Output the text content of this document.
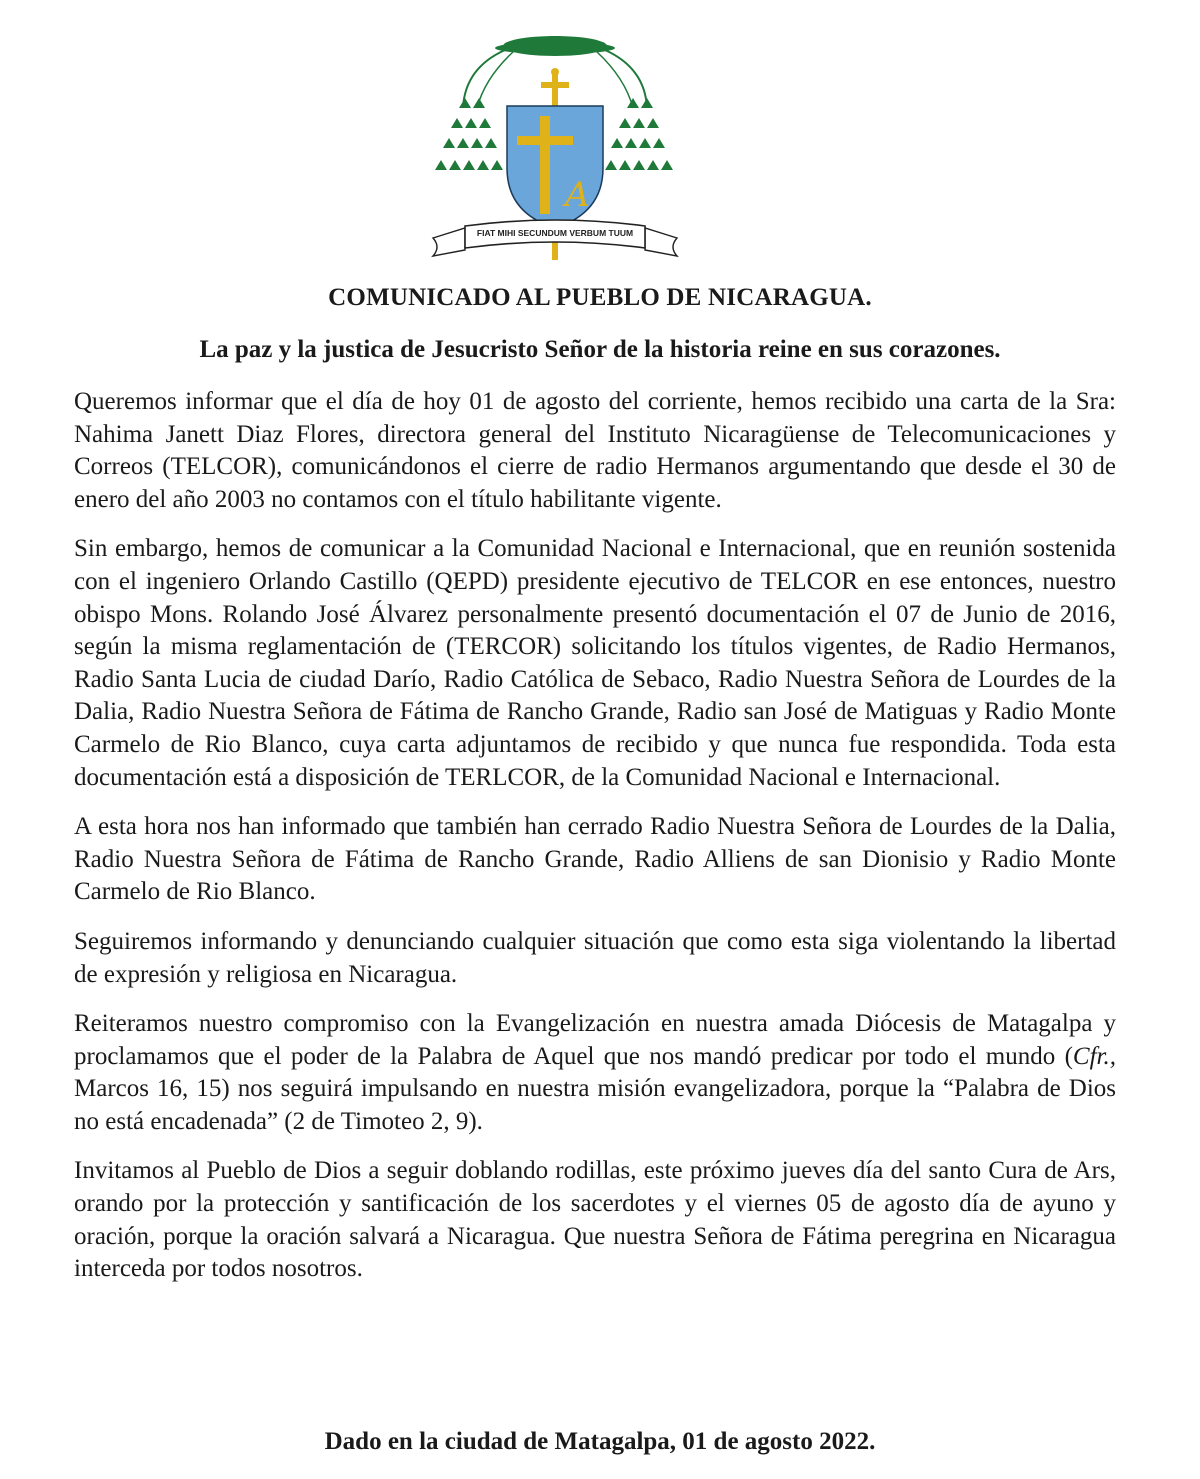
A
FIAT MIHI SECUNDUM VERBUM TUUM
COMUNICADO AL PUEBLO DE NICARAGUA.
La paz y la justica de Jesucristo Señor de la historia reine en sus corazones.

Queremos informar que el día de hoy 01 de agosto del corriente, hemos recibido una carta de la Sra: Nahima Janett Diaz Flores, directora general del Instituto Nicaragüense de Telecomunicaciones y Correos (TELCOR), comunicándonos el cierre de radio Hermanos argumentando que desde el 30 de enero del año 2003 no contamos con el título habilitante vigente.

Sin embargo, hemos de comunicar a la Comunidad Nacional e Internacional, que en reunión sostenida con el ingeniero Orlando Castillo (QEPD) presidente ejecutivo de TELCOR en ese entonces, nuestro obispo Mons. Rolando José Álvarez personalmente presentó documentación el 07 de Junio de 2016, según la misma reglamentación de (TERCOR) solicitando los títulos vigentes, de Radio Hermanos, Radio Santa Lucia de ciudad Darío, Radio Católica de Sebaco, Radio Nuestra Señora de Lourdes de la Dalia, Radio Nuestra Señora de Fátima de Rancho Grande, Radio san José de Matiguas y Radio Monte Carmelo de Rio Blanco, cuya carta adjuntamos de recibido y que nunca fue respondida. Toda esta documentación está a disposición de TERLCOR, de la Comunidad Nacional e Internacional.

A esta hora nos han informado que también han cerrado Radio Nuestra Señora de Lourdes de la Dalia, Radio Nuestra Señora de Fátima de Rancho Grande, Radio Alliens de san Dionisio y Radio Monte Carmelo de Rio Blanco.

Seguiremos informando y denunciando cualquier situación que como esta siga violentando la libertad de expresión y religiosa en Nicaragua.

Reiteramos nuestro compromiso con la Evangelización en nuestra amada Diócesis de Matagalpa y proclamamos que el poder de la Palabra de Aquel que nos mandó predicar por todo el mundo (Cfr., Marcos 16, 15) nos seguirá impulsando en nuestra misión evangelizadora, porque la “Palabra de Dios no está encadenada” (2 de Timoteo 2, 9).

Invitamos al Pueblo de Dios a seguir doblando rodillas, este próximo jueves día del santo Cura de Ars, orando por la protección y santificación de los sacerdotes y el viernes 05 de agosto día de ayuno y oración, porque la oración salvará a Nicaragua. Que nuestra Señora de Fátima peregrina en Nicaragua interceda por todos nosotros.

Dado en la ciudad de Matagalpa, 01 de agosto 2022.
